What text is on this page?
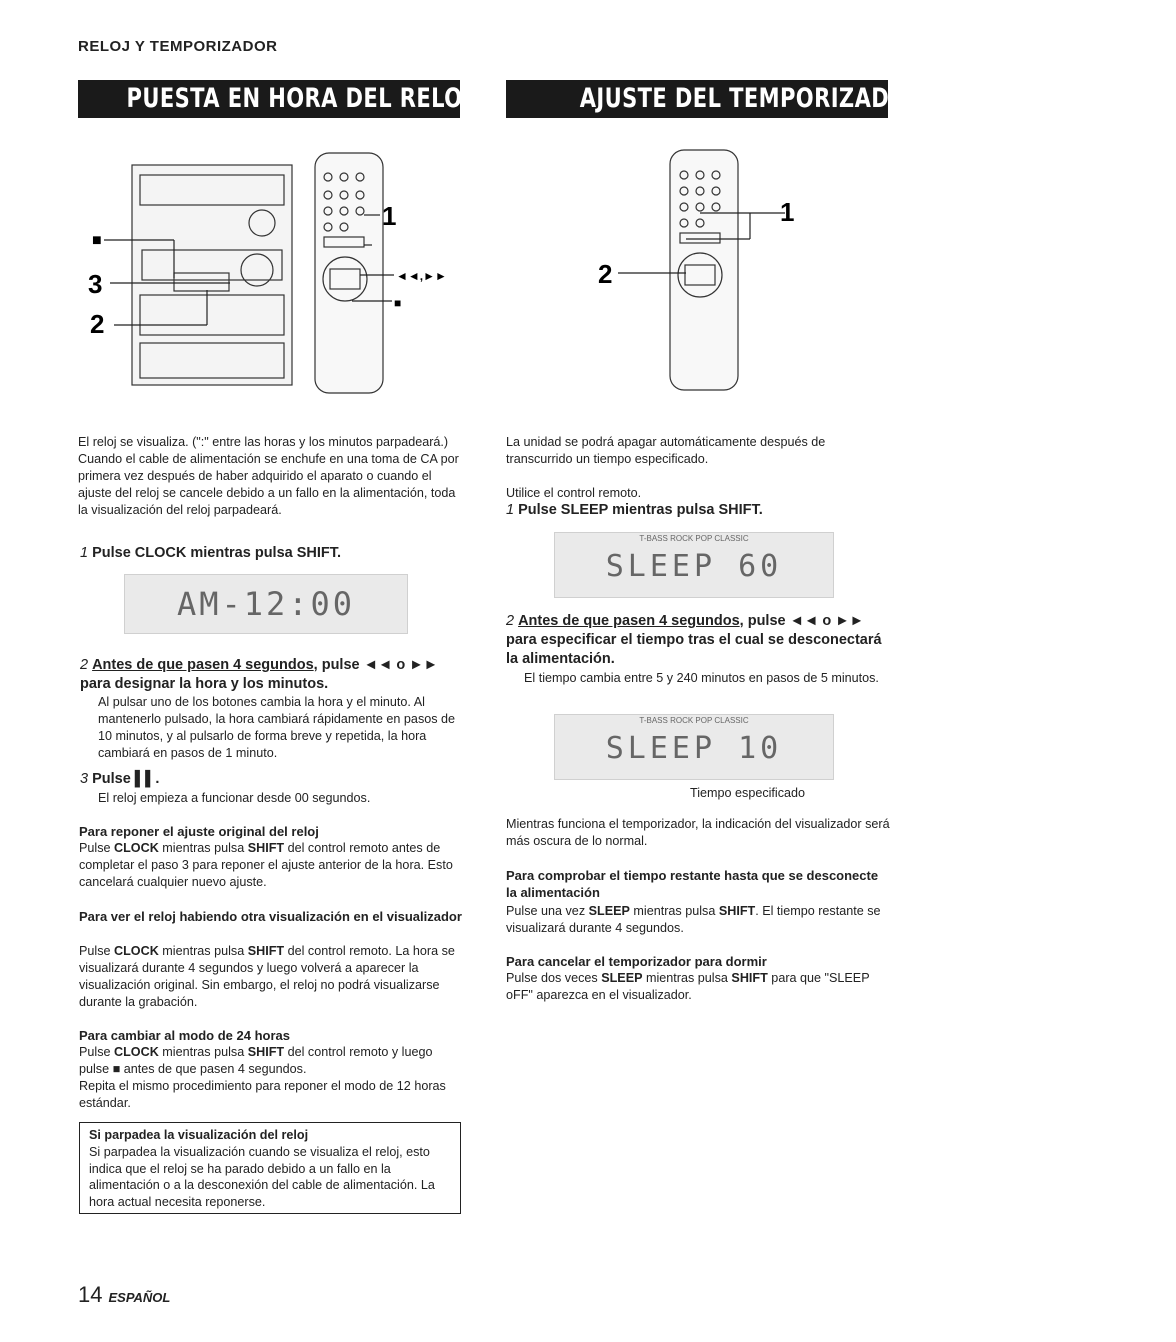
RELOJ Y TEMPORIZADOR
PUESTA EN HORA DEL RELOJ	AJUSTE DEL TEMPORIZADOR PARA DORMIR
■
3
2
1
◄◄,►►
■
1
2

El reloj se visualiza. (":" entre las horas y los minutos parpadeará.) Cuando el cable de alimentación se enchufe en una toma de CA por primera vez después de haber adquirido el aparato o cuando el ajuste del reloj se cancele debido a un fallo en la alimentación, toda la visualización del reloj parpadeará.

1 Pulse CLOCK mientras pulsa SHIFT.

AM-12:00

2 Antes de que pasen 4 segundos, pulse ◄◄ o ►► para designar la hora y los minutos.

Al pulsar uno de los botones cambia la hora y el minuto. Al mantenerlo pulsado, la hora cambiará rápidamente en pasos de 10 minutos, y al pulsarlo de forma breve y repetida, la hora cambiará en pasos de 1 minuto.

3 Pulse ▌▌.

El reloj empieza a funcionar desde 00 segundos.

Para reponer el ajuste original del reloj

Pulse CLOCK mientras pulsa SHIFT del control remoto antes de completar el paso 3 para reponer el ajuste anterior de la hora. Esto cancelará cualquier nuevo ajuste.

Para ver el reloj habiendo otra visualización en el visualizador

Pulse CLOCK mientras pulsa SHIFT del control remoto. La hora se visualizará durante 4 segundos y luego volverá a aparecer la visualización original. Sin embargo, el reloj no podrá visualizarse durante la grabación.

Para cambiar al modo de 24 horas

Pulse CLOCK mientras pulsa SHIFT del control remoto y luego pulse ■ antes de que pasen 4 segundos.

Repita el mismo procedimiento para reponer el modo de 12 horas estándar.

Si parpadea la visualización del reloj

Si parpadea la visualización cuando se visualiza el reloj, esto indica que el reloj se ha parado debido a un fallo en la alimentación o a la desconexión del cable de alimentación. La hora actual necesita reponerse.

La unidad se podrá apagar automáticamente después de transcurrido un tiempo especificado.

Utilice el control remoto.

1 Pulse SLEEP mientras pulsa SHIFT.

T-BASS ROCK POP CLASSIC
SLEEP 60

2 Antes de que pasen 4 segundos, pulse ◄◄ o ►► para especificar el tiempo tras el cual se desconectará la alimentación.

El tiempo cambia entre 5 y 240 minutos en pasos de 5 minutos.

T-BASS ROCK POP CLASSIC
SLEEP 10

Tiempo especificado

Mientras funciona el temporizador, la indicación del visualizador será más oscura de lo normal.

Para comprobar el tiempo restante hasta que se desconecte la alimentación

Pulse una vez SLEEP mientras pulsa SHIFT. El tiempo restante se visualizará durante 4 segundos.

Para cancelar el temporizador para dormir

Pulse dos veces SLEEP mientras pulsa SHIFT para que "SLEEP oFF" aparezca en el visualizador.

14 ESPAÑOL
